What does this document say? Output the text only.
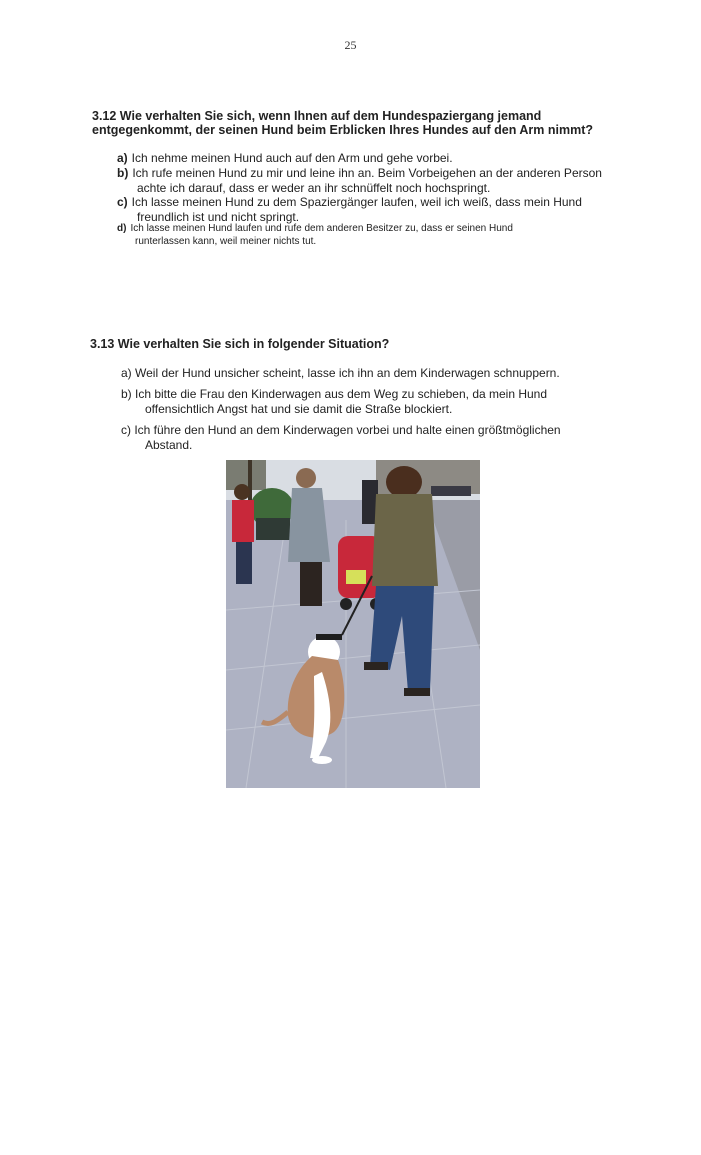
25
3.12 Wie verhalten Sie sich, wenn Ihnen auf dem Hundespaziergang jemand
entgegenkommt, der seinen Hund beim Erblicken Ihres Hundes auf den Arm nimmt?
a) Ich nehme meinen Hund auch auf den Arm und gehe vorbei.
b) Ich rufe meinen Hund zu mir und leine ihn an. Beim Vorbeigehen an der anderen Person
achte ich darauf, dass er weder an ihr schnüffelt noch hochspringt.
c) Ich lasse meinen Hund zu dem Spaziergänger laufen, weil ich weiß, dass mein Hund
freundlich ist und nicht springt.
d) Ich lasse meinen Hund laufen und rufe dem anderen Besitzer zu, dass er seinen Hund
runterlassen kann, weil meiner nichts tut.
3.13 Wie verhalten Sie sich in folgender Situation?
a) Weil der Hund unsicher scheint, lasse ich ihn an dem Kinderwagen schnuppern.
b) Ich bitte die Frau den Kinderwagen aus dem Weg zu schieben, da mein Hund
offensichtlich Angst hat und sie damit die Straße blockiert.
c) Ich führe den Hund an dem Kinderwagen vorbei und halte einen größtmöglichen
Abstand.
